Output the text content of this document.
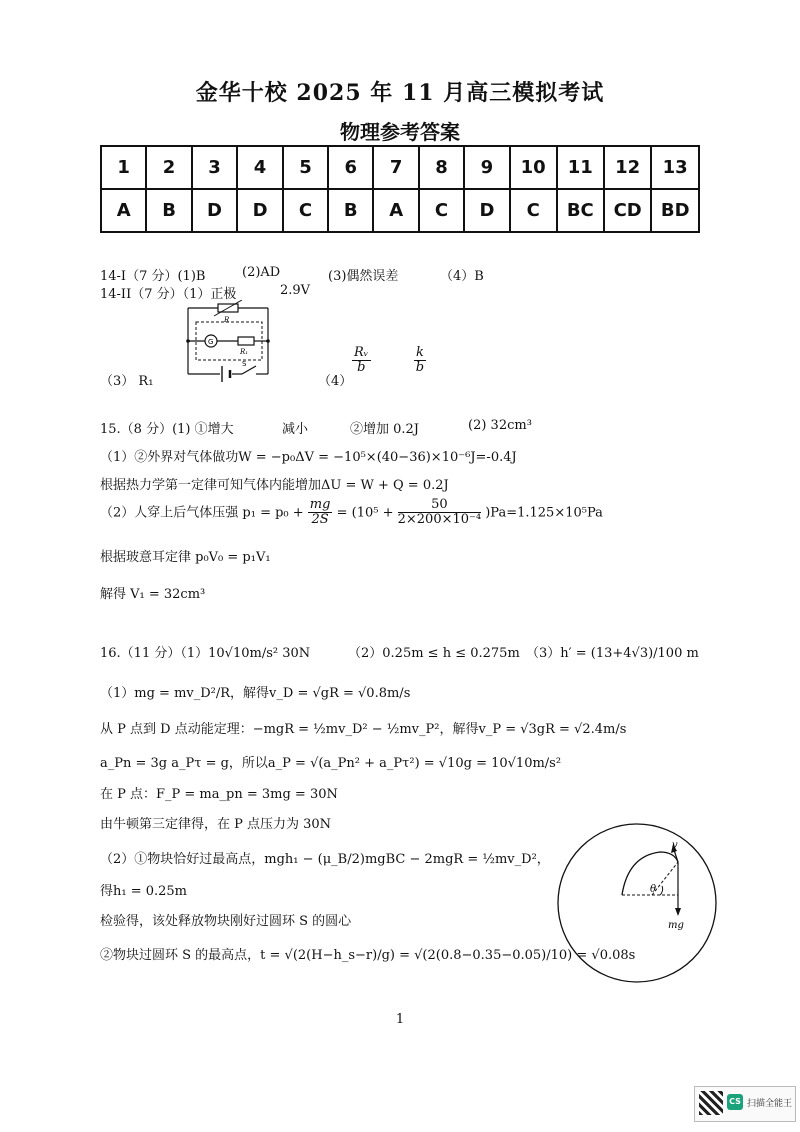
金华十校 2025 年 11 月高三模拟考试
物理参考答案
1	2	3	4	5	6	7	8	9	10	11	12	13
A	B	D	D	C	B	A	C	D	C	BC	CD	BD
14-I（7 分）(1)B	(2)AD	(3)偶然误差	（4）B
14-II（7 分）（1）正极	2.9V
R
G
R₁
S
（3） R₁	（4）
$\frac{\text{Rᵥ}}{b}$	$\frac{k}{b}$
15.（8 分）(1) ①增大	减小	②增加 0.2J	(2) 32cm³
（1）②外界对气体做功W = −p₀ΔV = −10⁵×(40−36)×10⁻⁶J=-0.4J
根据热力学第一定律可知气体内能增加ΔU = W + Q = 0.2J
（2）人穿上后气体压强 $p_1 = p_0 + \frac{mg}{2S} = (10^5 + \frac{50}{\text{2×200×10⁻⁴}} )Pa=1.125\times 10^5Pa$
根据玻意耳定律 p₀V₀ = p₁V₁
解得 V₁ = 32cm³
16.（11 分）（1）10√10m/s² 30N	（2）0.25m ≤ h ≤ 0.275m （3）h′ = (13+4√3)/100 m
（1）mg = mv_D²/R，解得v_D = √gR = √0.8m/s
从 P 点到 D 点动能定理：−mgR = ½mv_D² − ½mv_P²，解得v_P = √3gR = √2.4m/s
a_Pn = 3g a_Pτ = g，所以a_P = √(a_Pn² + a_Pτ²) = √10g = 10√10m/s²
在 P 点：F_P = ma_pn = 3mg = 30N
由牛顿第三定律得，在 P 点压力为 30N
（2）①物块恰好过最高点，mgh₁ − (μ_B/2)mgBC − 2mgR = ½mv_D²，
得h₁ = 0.25m
检验得，该处释放物块刚好过圆环 S 的圆心
②物块过圆环 S 的最高点，t = √(2(H−h_s−r)/g) = √(2(0.8−0.35−0.05)/10) = √0.08s
v
θ
mg
1
CS 扫描全能王
